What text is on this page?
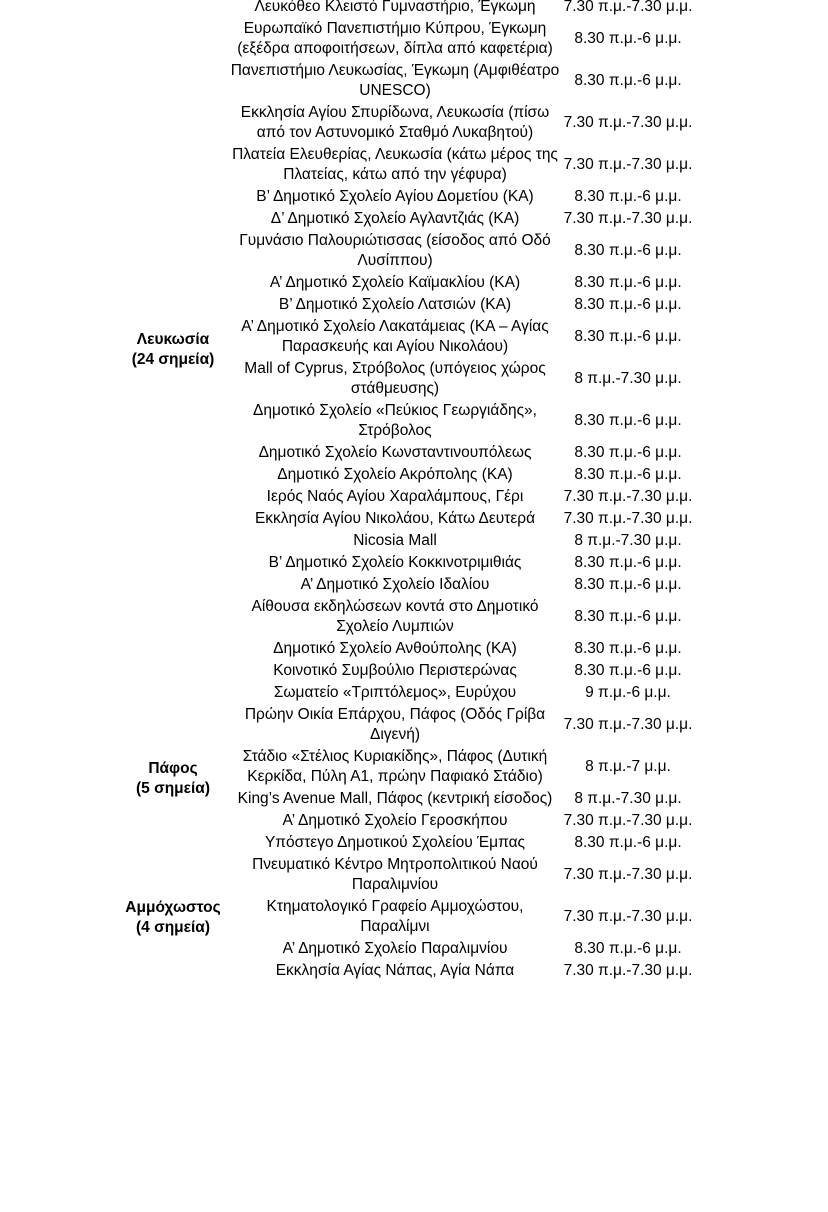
Λευκωσία
(24 σημεία)	Λευκόθεο Κλειστό Γυμναστήριο, Έγκωμη	7.30 π.μ.-7.30 μ.μ.
	Ευρωπαϊκό Πανεπιστήμιο Κύπρου, Έγκωμη (εξέδρα αποφοιτήσεων, δίπλα από καφετέρια)	8.30 π.μ.-6 μ.μ.
	Πανεπιστήμιο Λευκωσίας, Έγκωμη (Αμφιθέατρο UNESCO)	8.30 π.μ.-6 μ.μ.
	Εκκλησία Αγίου Σπυρίδωνα, Λευκωσία (πίσω από τον Αστυνομικό Σταθμό Λυκαβητού)	7.30 π.μ.-7.30 μ.μ.
	Πλατεία Ελευθερίας, Λευκωσία (κάτω μέρος της Πλατείας, κάτω από την γέφυρα)	7.30 π.μ.-7.30 μ.μ.
	Β’ Δημοτικό Σχολείο Αγίου Δομετίου (ΚΑ)	8.30 π.μ.-6 μ.μ.
	Δ’ Δημοτικό Σχολείο Αγλαντζιάς (ΚΑ)	7.30 π.μ.-7.30 μ.μ.
	Γυμνάσιο Παλουριώτισσας (είσοδος από Οδό Λυσίππου)	8.30 π.μ.-6 μ.μ.
	Α’ Δημοτικό Σχολείο Καϊμακλίου (ΚΑ)	8.30 π.μ.-6 μ.μ.
	Β’ Δημοτικό Σχολείο Λατσιών (ΚΑ)	8.30 π.μ.-6 μ.μ.
	Α’ Δημοτικό Σχολείο Λακατάμειας (ΚΑ – Αγίας Παρασκευής και Αγίου Νικολάου)	8.30 π.μ.-6 μ.μ.
	Mall of Cyprus, Στρόβολος (υπόγειος χώρος στάθμευσης)	8 π.μ.-7.30 μ.μ.
	Δημοτικό Σχολείο «Πεύκιος Γεωργιάδης», Στρόβολος	8.30 π.μ.-6 μ.μ.
	Δημοτικό Σχολείο Κωνσταντινουπόλεως	8.30 π.μ.-6 μ.μ.
	Δημοτικό Σχολείο Ακρόπολης (ΚΑ)	8.30 π.μ.-6 μ.μ.
	Ιερός Ναός Αγίου Χαραλάμπους, Γέρι	7.30 π.μ.-7.30 μ.μ.
	Εκκλησία Αγίου Νικολάου, Κάτω Δευτερά	7.30 π.μ.-7.30 μ.μ.
	Nicosia Mall	8 π.μ.-7.30 μ.μ.
	Β’ Δημοτικό Σχολείο Κοκκινοτριμιθιάς	8.30 π.μ.-6 μ.μ.
	Α’ Δημοτικό Σχολείο Ιδαλίου	8.30 π.μ.-6 μ.μ.
	Αίθουσα εκδηλώσεων κοντά στο Δημοτικό Σχολείο Λυμπιών	8.30 π.μ.-6 μ.μ.
	Δημοτικό Σχολείο Ανθούπολης (ΚΑ)	8.30 π.μ.-6 μ.μ.
	Κοινοτικό Συμβούλιο Περιστερώνας	8.30 π.μ.-6 μ.μ.
	Σωματείο «Τριπτόλεμος», Ευρύχου	9 π.μ.-6 μ.μ.

Πάφος
(5 σημεία)	Πρώην Οικία Επάρχου, Πάφος (Οδός Γρίβα Διγενή)	7.30 π.μ.-7.30 μ.μ.
	Στάδιο «Στέλιος Κυριακίδης», Πάφος (Δυτική Κερκίδα, Πύλη Α1, πρώην Παφιακό Στάδιο)	8 π.μ.-7 μ.μ.
	King’s Avenue Mall, Πάφος (κεντρική είσοδος)	8 π.μ.-7.30 μ.μ.
	Α’ Δημοτικό Σχολείο Γεροσκήπου	7.30 π.μ.-7.30 μ.μ.
	Υπόστεγο Δημοτικού Σχολείου Έμπας	8.30 π.μ.-6 μ.μ.

Αμμόχωστος
(4 σημεία)	Πνευματικό Κέντρο Μητροπολιτικού Ναού Παραλιμνίου	7.30 π.μ.-7.30 μ.μ.
	Κτηματολογικό Γραφείο Αμμοχώστου, Παραλίμνι	7.30 π.μ.-7.30 μ.μ.
	Α’ Δημοτικό Σχολείο Παραλιμνίου	8.30 π.μ.-6 μ.μ.
	Εκκλησία Αγίας Νάπας, Αγία Νάπα	7.30 π.μ.-7.30 μ.μ.
